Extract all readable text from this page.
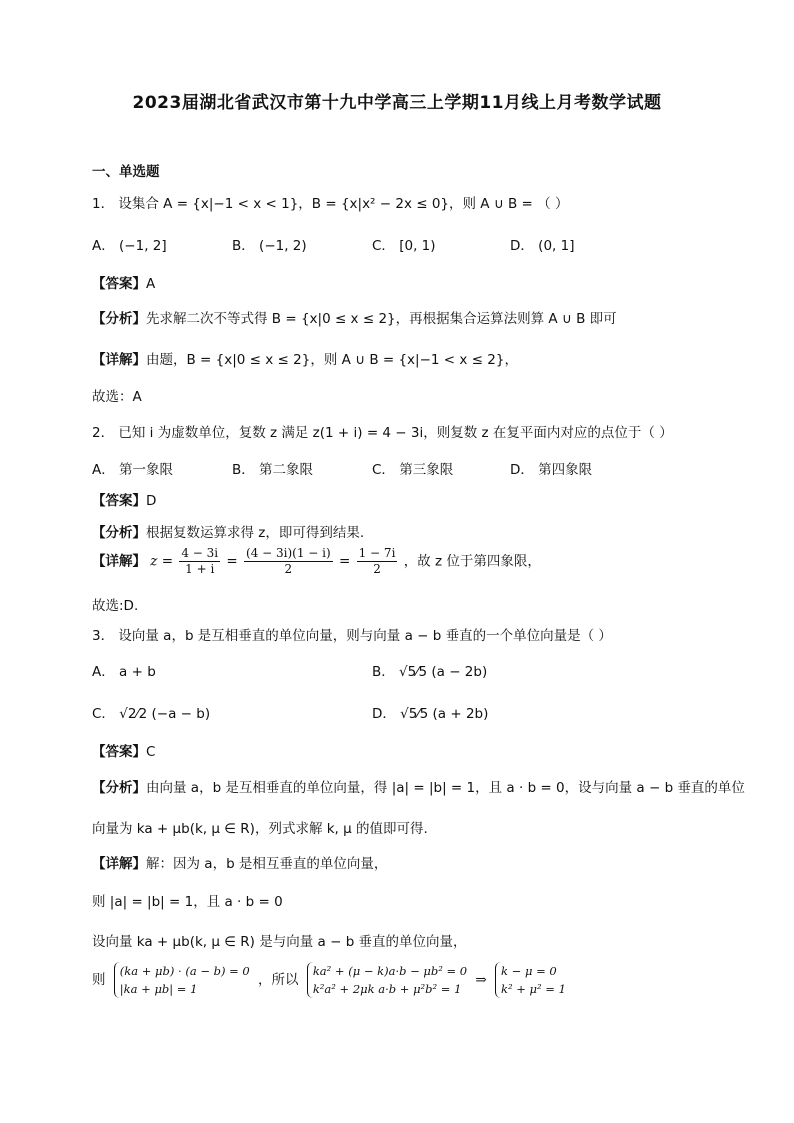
2023届湖北省武汉市第十九中学高三上学期11月线上月考数学试题
一、单选题
1． 设集合 A = {x|−1 < x < 1}，B = {x|x² − 2x ≤ 0}，则 A ∪ B = （ ）
A． (−1, 2]	B． (−1, 2)	C． [0, 1)	D． (0, 1]
【答案】A
【分析】先求解二次不等式得 B = {x|0 ≤ x ≤ 2}，再根据集合运算法则算 A ∪ B 即可
【详解】由题，B = {x|0 ≤ x ≤ 2}，则 A ∪ B = {x|−1 < x ≤ 2}，
故选：A
2． 已知 i 为虚数单位，复数 z 满足 z(1 + i) = 4 − 3i，则复数 z 在复平面内对应的点位于（ ）
A． 第一象限	B． 第二象限	C． 第三象限	D． 第四象限
【答案】D
【分析】根据复数运算求得 z，即可得到结果.
【详解】 $z = \frac{4 - 3i}{1 + i} = \frac{(4 - 3i)(1 - i)}{2} = \frac{1 - 7i}{2}$ ，故 z 位于第四象限，
故选:D.
3． 设向量 a，b 是互相垂直的单位向量，则与向量 a − b 垂直的一个单位向量是（ ）
A． a + b	B． √5⁄5 (a − 2b)
C． √2⁄2 (−a − b)	D． √5⁄5 (a + 2b)
【答案】C
【分析】由向量 a，b 是互相垂直的单位向量，得 |a| = |b| = 1，且 a · b = 0，设与向量 a − b 垂直的单位
向量为 ka + μb(k, μ ∈ R)，列式求解 k, μ 的值即可得.
【详解】解：因为 a，b 是相互垂直的单位向量，
则 |a| = |b| = 1，且 a · b = 0
设向量 ka + μb(k, μ ∈ R) 是与向量 a − b 垂直的单位向量，
则
(ka + μb) · (a − b) = 0
|ka + μb| = 1
，所以
ka² + (μ − k)a·b − μb² = 0
k²a² + 2μk a·b + μ²b² = 1
⇒
k − μ = 0
k² + μ² = 1
